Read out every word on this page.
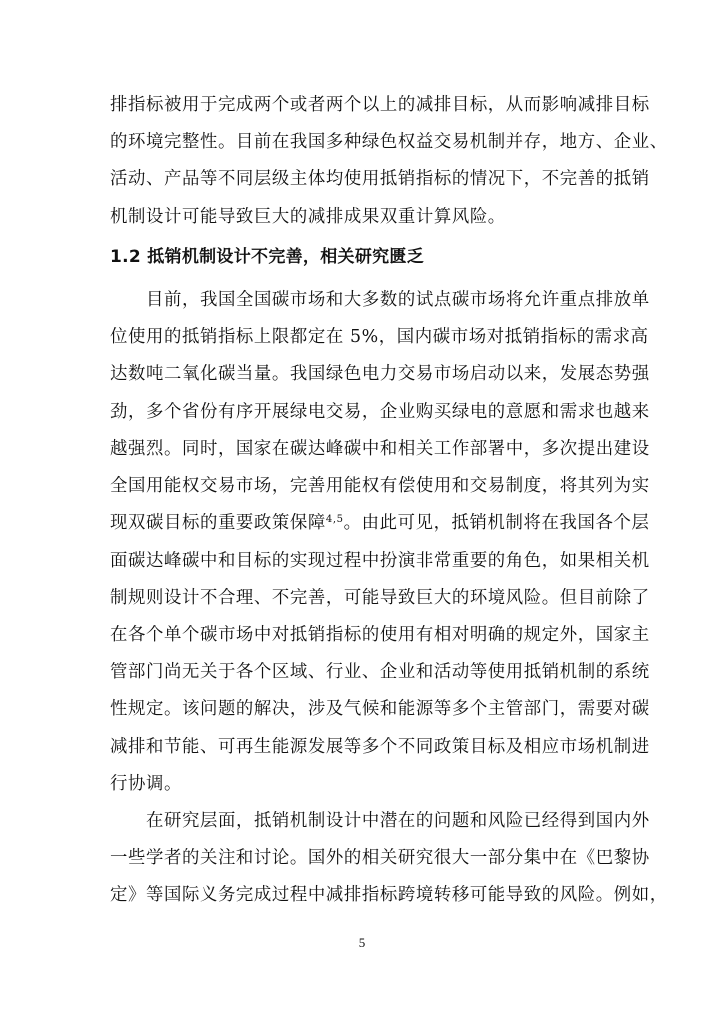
排指标被用于完成两个或者两个以上的减排目标，从而影响减排目标
的环境完整性。目前在我国多种绿色权益交易机制并存，地方、企业、
活动、产品等不同层级主体均使用抵销指标的情况下，不完善的抵销
机制设计可能导致巨大的减排成果双重计算风险。
1.2 抵销机制设计不完善，相关研究匮乏
目前，我国全国碳市场和大多数的试点碳市场将允许重点排放单
位使用的抵销指标上限都定在 5%，国内碳市场对抵销指标的需求高
达数吨二氧化碳当量。我国绿色电力交易市场启动以来，发展态势强
劲，多个省份有序开展绿电交易，企业购买绿电的意愿和需求也越来
越强烈。同时，国家在碳达峰碳中和相关工作部署中，多次提出建设
全国用能权交易市场，完善用能权有偿使用和交易制度，将其列为实
现双碳目标的重要政策保障$^{4,5}$。由此可见，抵销机制将在我国各个层
面碳达峰碳中和目标的实现过程中扮演非常重要的角色，如果相关机
制规则设计不合理、不完善，可能导致巨大的环境风险。但目前除了
在各个单个碳市场中对抵销指标的使用有相对明确的规定外，国家主
管部门尚无关于各个区域、行业、企业和活动等使用抵销机制的系统
性规定。该问题的解决，涉及气候和能源等多个主管部门，需要对碳
减排和节能、可再生能源发展等多个不同政策目标及相应市场机制进
行协调。
在研究层面，抵销机制设计中潜在的问题和风险已经得到国内外
一些学者的关注和讨论。国外的相关研究很大一部分集中在《巴黎协
定》等国际义务完成过程中减排指标跨境转移可能导致的风险。例如，
5
